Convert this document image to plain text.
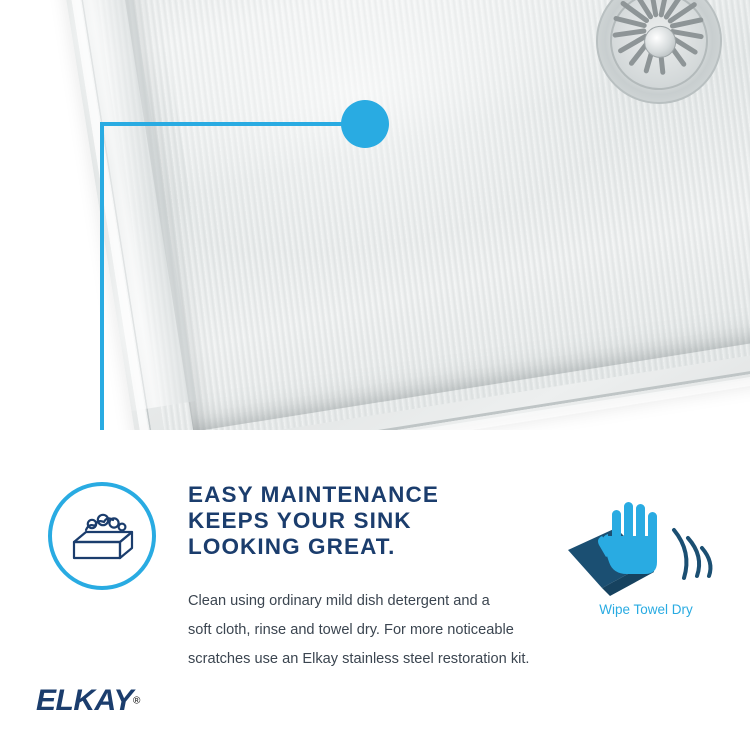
EASY MAINTENANCE
KEEPS YOUR SINK
LOOKING GREAT.
Clean using ordinary mild dish detergent and a
soft cloth, rinse and towel dry. For more noticeable
scratches use an Elkay stainless steel restoration kit.
Wipe Towel Dry
ELKAY®
